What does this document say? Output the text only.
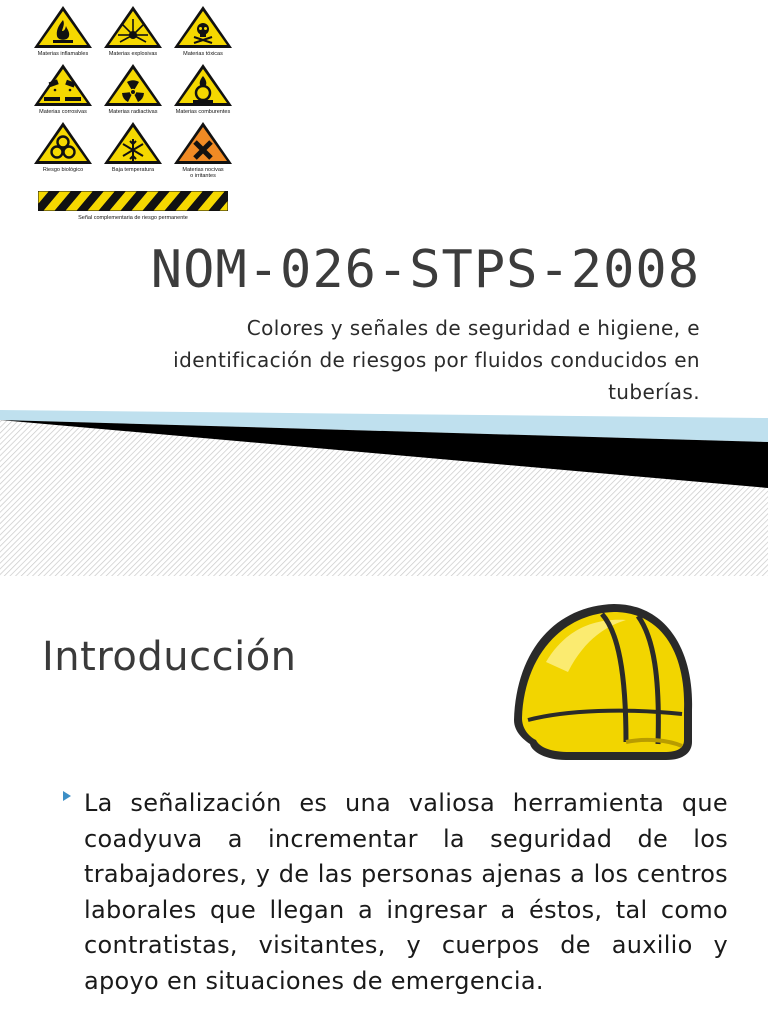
Materias inflamables	Materias explosivas	Materias tóxicas
Materias corrosivas	Materias radiactivas	Materias comburentes
Riesgo biológico	Baja temperatura	Materias nocivas
o irritantes
Señal complementaria de riesgo permanente
NOM-026-STPS-2008
Colores y señales de seguridad e higiene, e
identificación de riesgos por fluidos conducidos en
tuberías.
Introducción
La señalización es una valiosa herramienta que coadyuva a incrementar la seguridad de los trabajadores, y de las personas ajenas a los centros laborales que llegan a ingresar a éstos, tal como contratistas, visitantes, y cuerpos de auxilio y apoyo en situaciones de emergencia.
